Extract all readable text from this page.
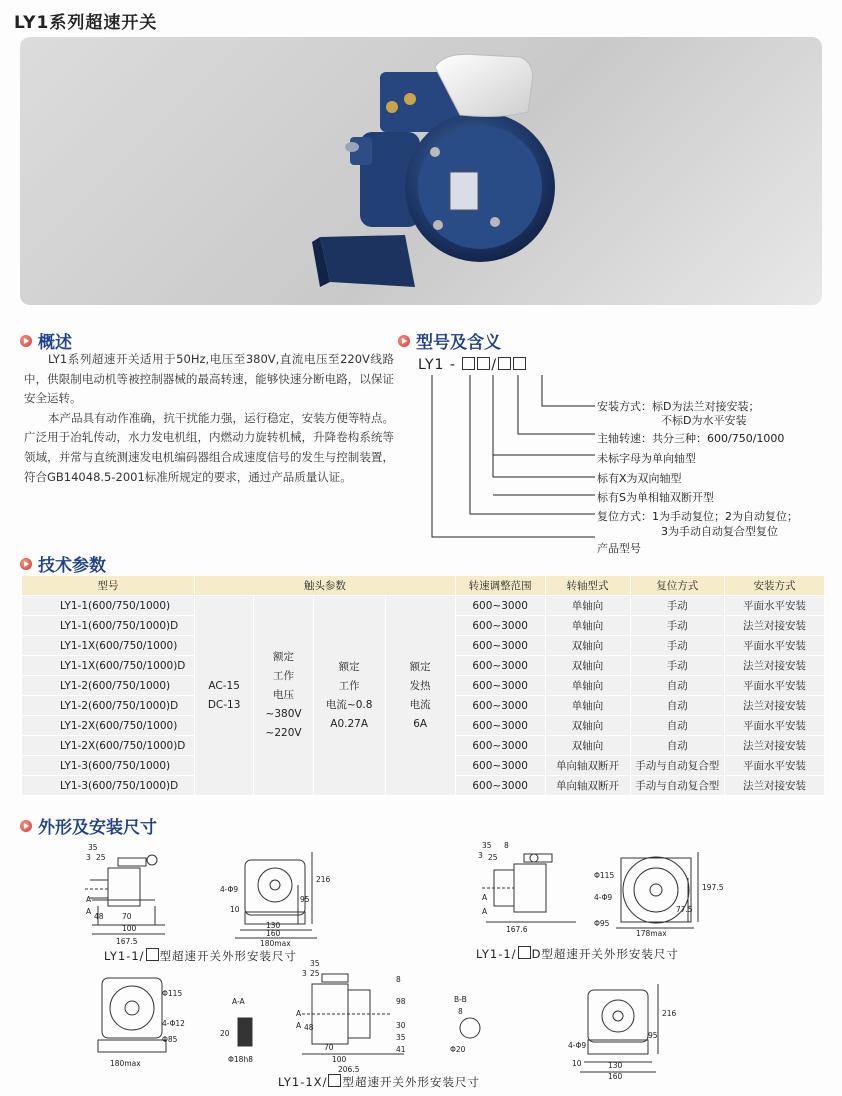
LY1系列超速开关
概述

LY1系列超速开关适用于50Hz,电压至380V,直流电压至220V线路中，供限制电动机等被控制器械的最高转速，能够快速分断电路，以保证安全运转。

本产品具有动作准确，抗干扰能力强，运行稳定，安装方便等特点。广泛用于冶轧传动，水力发电机组，内燃动力旋转机械，升降卷构系统等领域，并常与直统测速发电机编码器组合成速度信号的发生与控制装置，符合GB14048.5-2001标准所规定的要求，通过产品质量认证。

型号及含义
LY1 -	/
安装方式：标D为法兰对接安装；
不标D为水平安装
主轴转速：共分三种：600/750/1000
未标字母为单向轴型
标有X为双向轴型
标有S为单相轴双断开型
复位方式：1为手动复位；2为自动复位；
3为手动自动复合型复位
产品型号
技术参数
型号	触头参数				转速调整范围	转轴型式	复位方式	安装方式
LY1-1(600/750/1000)	AC-15
DC-13	额定
工作
电压
~380V
~220V	额定
工作
电流~0.8
A0.27A	额定
发热
电流
6A	600~3000	单轴向	手动	平面水平安装
LY1-1(600/750/1000)D					600~3000	单轴向	手动	法兰对接安装
LY1-1X(600/750/1000)					600~3000	双轴向	手动	平面水平安装
LY1-1X(600/750/1000)D					600~3000	双轴向	手动	法兰对接安装
LY1-2(600/750/1000)					600~3000	单轴向	自动	平面水平安装
LY1-2(600/750/1000)D					600~3000	单轴向	自动	法兰对接安装
LY1-2X(600/750/1000)					600~3000	双轴向	自动	平面水平安装
LY1-2X(600/750/1000)D					600~3000	双轴向	自动	法兰对接安装
LY1-3(600/750/1000)					600~3000	单向轴双断开	手动与自动复合型	平面水平安装
LY1-3(600/750/1000)D					600~3000	单向轴双断开	手动与自动复合型	法兰对接安装
外形及安装尺寸
35
3 25
4-Φ9
216
95
10
48 70
100
167.5
130
160
180max
A
A
LY1-1/ 型超速开关外形安装尺寸
35 8
3 25
Φ115
4-Φ9
197.5
77.5
Φ95
178max
167.6
A
A
LY1-1/ D型超速开关外形安装尺寸
Φ115
4-Φ12
Φ85
180max
A-A
Φ18h8
20
35
3 25
48
70
100
206.5
B-B
8
Φ20
98
41
35
30
8
A
A
LY1-1X/ 型超速开关外形安装尺寸
4-Φ9
216
95
10	130
160
